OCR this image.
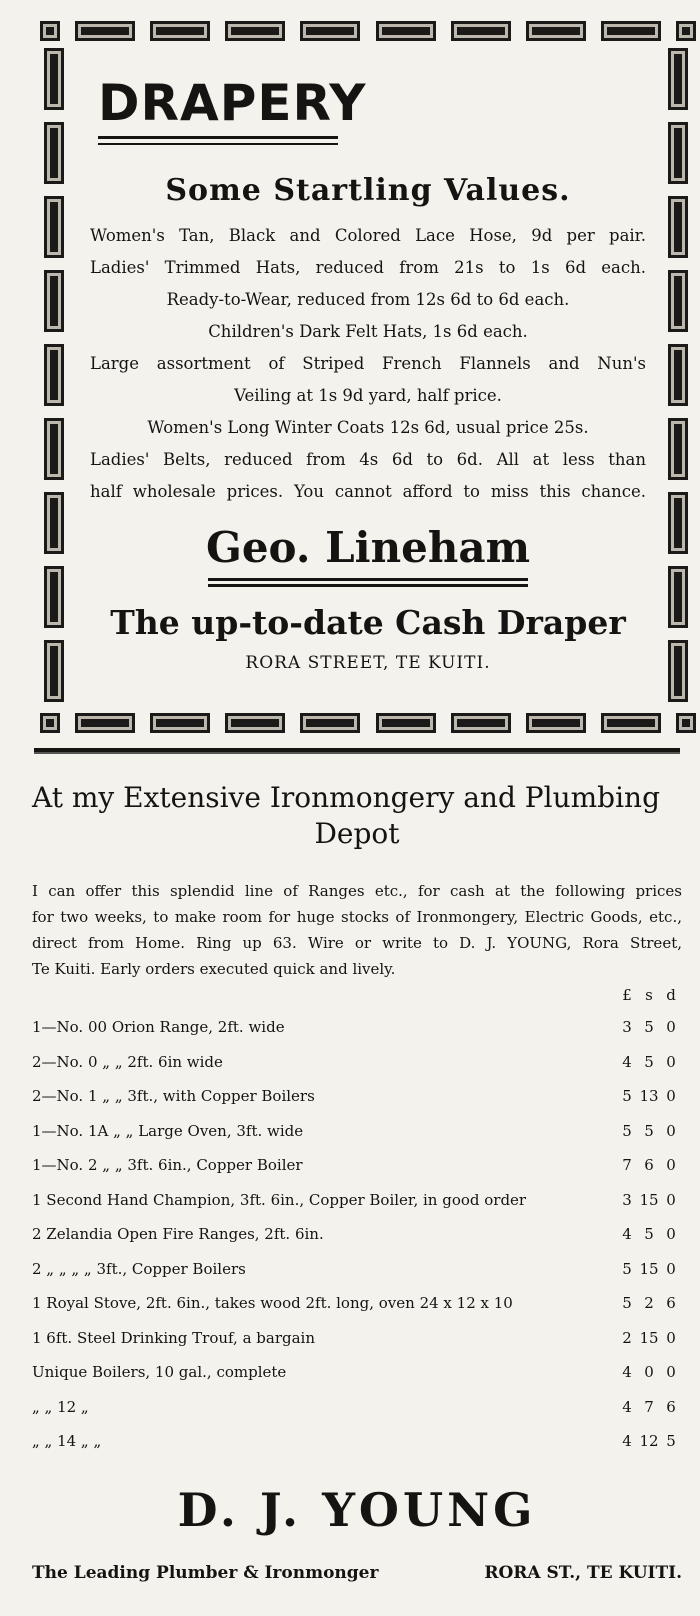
DRAPERY
Some Startling Values.
Women's Tan, Black and Colored Lace Hose, 9d per pair.
Ladies' Trimmed Hats, reduced from 21s to 1s 6d each.
Ready-to-Wear, reduced from 12s 6d to 6d each.
Children's Dark Felt Hats, 1s 6d each.
Large assortment of Striped French Flannels and Nun's
Veiling at 1s 9d yard, half price.
Women's Long Winter Coats 12s 6d, usual price 25s.
Ladies' Belts, reduced from 4s 6d to 6d. All at less than
half wholesale prices. You cannot afford to miss this chance.
Geo. Lineham
The up-to-date Cash Draper
RORA STREET, TE KUITI.
At my Extensive Ironmongery and Plumbing
Depot
I can offer this splendid line of Ranges etc., for cash at the following prices
for two weeks, to make room for huge stocks of Ironmongery, Electric Goods, etc.,
direct from Home. Ring up 63. Wire or write to D. J. YOUNG, Rora Street,
Te Kuiti. Early orders executed quick and lively.
£ s d
1—No. 00 Orion Range, 2ft. wide	3	5	0
2—No. 0 „ „ 2ft. 6in wide	4	5	0
2—No. 1 „ „ 3ft., with Copper Boilers	5	13	0
1—No. 1A „ „ Large Oven, 3ft. wide	5	5	0
1—No. 2 „ „ 3ft. 6in., Copper Boiler	7	6	0
1 Second Hand Champion, 3ft. 6in., Copper Boiler, in good order	3	15	0
2 Zelandia Open Fire Ranges, 2ft. 6in.	4	5	0
2 „ „ „ „ 3ft., Copper Boilers	5	15	0
1 Royal Stove, 2ft. 6in., takes wood 2ft. long, oven 24 x 12 x 10	5	2	6
1 6ft. Steel Drinking Trouf, a bargain	2	15	0
Unique Boilers, 10 gal., complete	4	0	0
„ „ 12 „	4	7	6
„ „ 14 „ „	4	12	5
D. J. YOUNG
The Leading Plumber & Ironmonger	RORA ST., TE KUITI.
